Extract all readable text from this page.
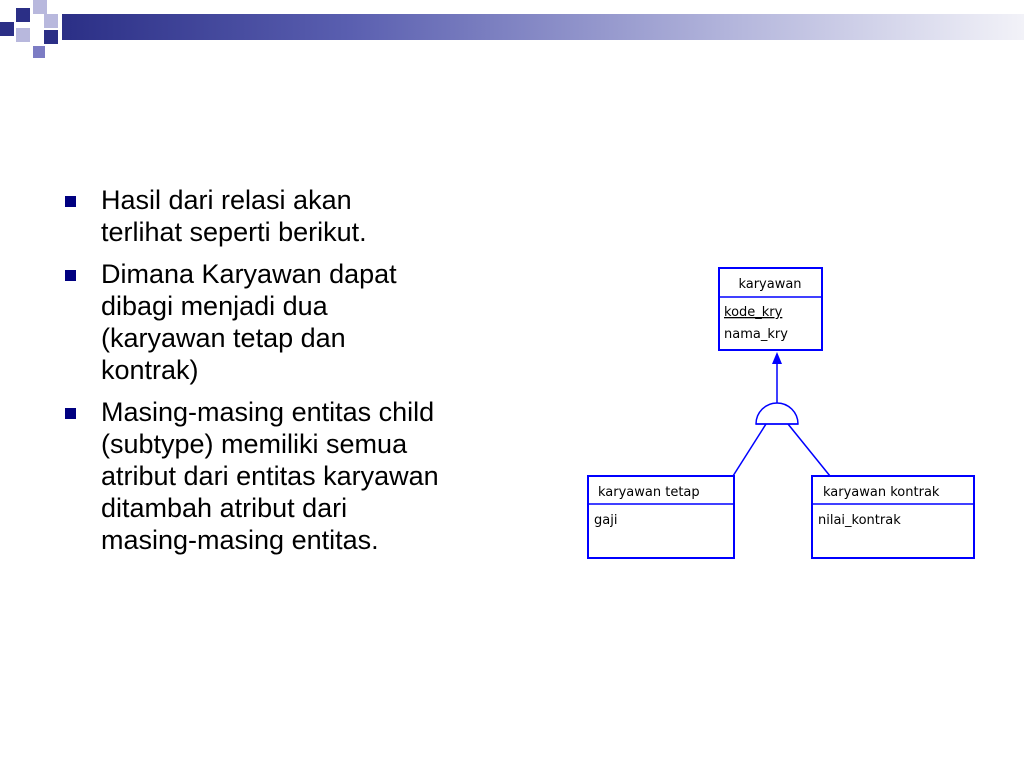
Hasil dari relasi akan
terlihat seperti berikut.
Dimana Karyawan dapat
dibagi menjadi dua
(karyawan tetap dan
kontrak)
Masing-masing entitas child
(subtype) memiliki semua
atribut dari entitas karyawan
ditambah atribut dari
masing-masing entitas.
karyawan
kode_kry
nama_kry
karyawan tetap
gaji
karyawan kontrak
nilai_kontrak
